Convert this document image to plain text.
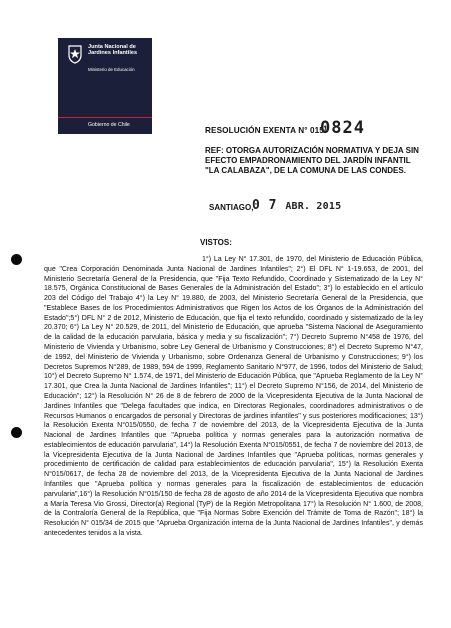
Junta Nacional de Jardines Infantiles
Ministerio de Educación
Gobierno de Chile
RESOLUCIÓN EXENTA N° 015/
0824
REF: OTORGA AUTORIZACIÓN NORMATIVA Y DEJA SIN EFECTO EMPADRONAMIENTO DEL JARDÍN INFANTIL "LA CALABAZA", DE LA COMUNA DE LAS CONDES.
SANTIAGO,
0 7 ABR. 2015
VISTOS:
1°) La Ley N° 17.301, de 1970, del Ministerio de Educación Pública, que "Crea Corporación Denominada Junta Nacional de Jardines Infantiles"; 2°) El DFL N° 1-19.653, de 2001, del Ministerio Secretaría General de la Presidencia, que "Fija Texto Refundido, Coordinado y Sistematizado de la Ley N° 18.575, Orgánica Constitucional de Bases Generales de la Administración del Estado"; 3°) lo establecido en el artículo 203 del Código del Trabajo 4°) la Ley N° 19.880, de 2003, del Ministerio Secretaría General de la Presidencia, que "Establece Bases de los Procedimientos Administrativos que Rigen los Actos de los Órganos de la Administración del Estado";5°) DFL N° 2 de 2012, Ministerio de Educación, que fija el texto refundido, coordinado y sistematizado de la ley 20.370; 6°) La Ley N° 20.529, de 2011, del Ministerio de Educación, que aprueba "Sistema Nacional de Aseguramiento de la calidad de la educación parvularia, básica y media y su fiscalización"; 7°) Decreto Supremo N°458 de 1976, del Ministerio de Vivienda y Urbanismo, sobre Ley General de Urbanismo y Construcciones; 8°) el Decreto Supremo N°47, de 1992, del Ministerio de Vivienda y Urbanismo, sobre Ordenanza General de Urbanismo y Construcciones; 9°) los Decretos Supremos N°289, de 1989, 594 de 1999, Reglamento Sanitario N°977, de 1996, todos del Ministerio de Salud; 10°) el Decreto Supremo N° 1.574, de 1971, del Ministerio de Educación Pública, que "Aprueba Reglamento de la Ley N° 17.301, que Crea la Junta Nacional de Jardines Infantiles"; 11°) el Decreto Supremo N°156, de 2014, del Ministerio de Educación"; 12°) la Resolución N° 26 de 8 de febrero de 2000 de la Vicepresidenta Ejecutiva de la Junta Nacional de Jardines Infantiles que "Delega facultades que indica, en Directoras Regionales, coordinadores administrativos o de Recursos Humanos o encargados de personal y Directoras de jardines infantiles" y sus posteriores modificaciones; 13°) la Resolución Exenta N°015/0550, de fecha 7 de noviembre del 2013, de la Vicepresidenta Ejecutiva de la Junta Nacional de Jardines Infantiles que "Aprueba política y normas generales para la autorización normativa de establecimientos de educación parvularia", 14°) la Resolución Exenta N°015/0551, de fecha 7 de noviembre del 2013, de la Vicepresidenta Ejecutiva de la Junta Nacional de Jardines Infantiles que "Aprueba políticas, normas generales y procedimiento de certificación de calidad para establecimientos de educación parvularia", 15°) la Resolución Exenta N°015/0617, de fecha 28 de noviembre del 2013, de la Vicepresidenta Ejecutiva de la Junta Nacional de Jardines Infantiles que "Aprueba política y normas generales para la fiscalización de establecimientos de educación parvularia",16°) la Resolución N°015/150 de fecha 28 de agosto de año 2014 de la Vicepresidenta Ejecutiva que nombra a María Teresa Vio Grossi, Director(a) Regional (TyP) de la Región Metropolitana 17°) la Resolución N° 1.600, de 2008, de la Contraloría General de la República, que "Fija Normas Sobre Exención del Trámite de Toma de Razón"; 18°) la Resolución N° 015/34 de 2015 que "Aprueba Organización interna de la Junta Nacional de Jardines Infantiles", y demás antecedentes tenidos a la vista.
